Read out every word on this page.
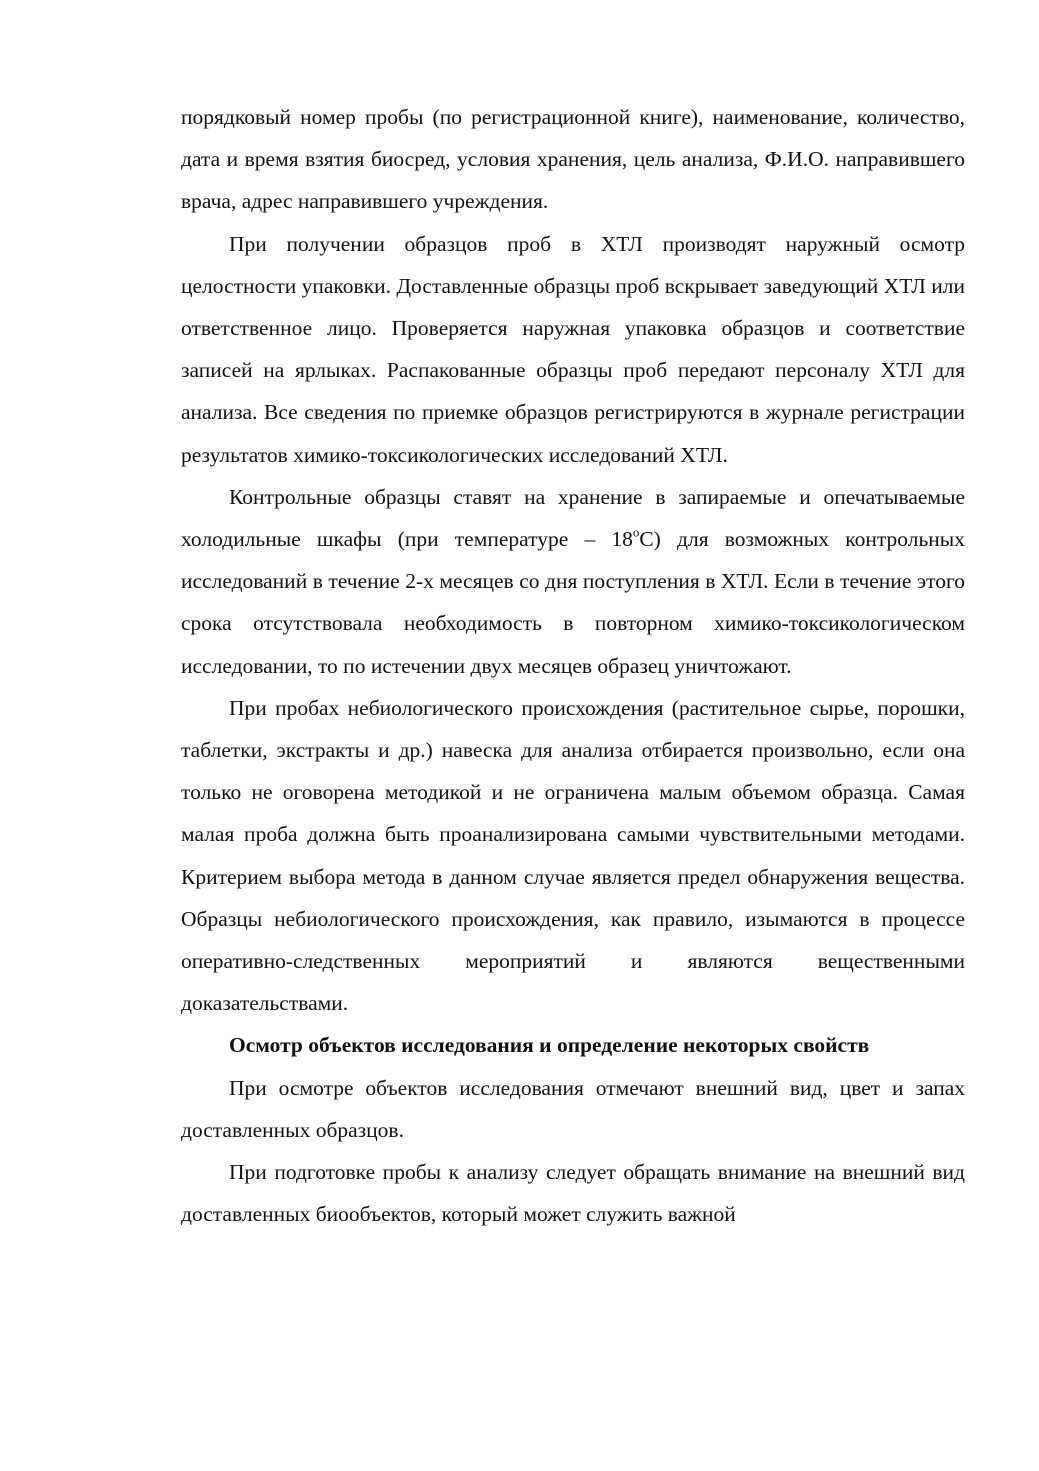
порядковый номер пробы (по регистрационной книге), наименование, количество, дата и время взятия биосред, условия хранения, цель анализа, Ф.И.О. направившего врача, адрес направившего учреждения.

При получении образцов проб в ХТЛ производят наружный осмотр целостности упаковки. Доставленные образцы проб вскрывает заведующий ХТЛ или ответственное лицо. Проверяется наружная упаковка образцов и соответствие записей на ярлыках. Распакованные образцы проб передают персоналу ХТЛ для анализа. Все сведения по приемке образцов регистрируются в журнале регистрации результатов химико-токсикологических исследований ХТЛ.

Контрольные образцы ставят на хранение в запираемые и опечатываемые холодильные шкафы (при температуре – $18^оС$) для возможных контрольных исследований в течение 2-х месяцев со дня поступления в ХТЛ. Если в течение этого срока отсутствовала необходимость в повторном химико-токсикологическом исследовании, то по истечении двух месяцев образец уничтожают.

При пробах небиологического происхождения (растительное сырье, порошки, таблетки, экстракты и др.) навеска для анализа отбирается произвольно, если она только не оговорена методикой и не ограничена малым объемом образца. Самая малая проба должна быть проанализирована самыми чувствительными методами. Критерием выбора метода в данном случае является предел обнаружения вещества. Образцы небиологического происхождения, как правило, изымаются в процессе оперативно-следственных мероприятий и являются вещественными доказательствами.

Осмотр объектов исследования и определение некоторых свойств

При осмотре объектов исследования отмечают внешний вид, цвет и запах доставленных образцов.

При подготовке пробы к анализу следует обращать внимание на внешний вид доставленных биообъектов, который может служить важной
